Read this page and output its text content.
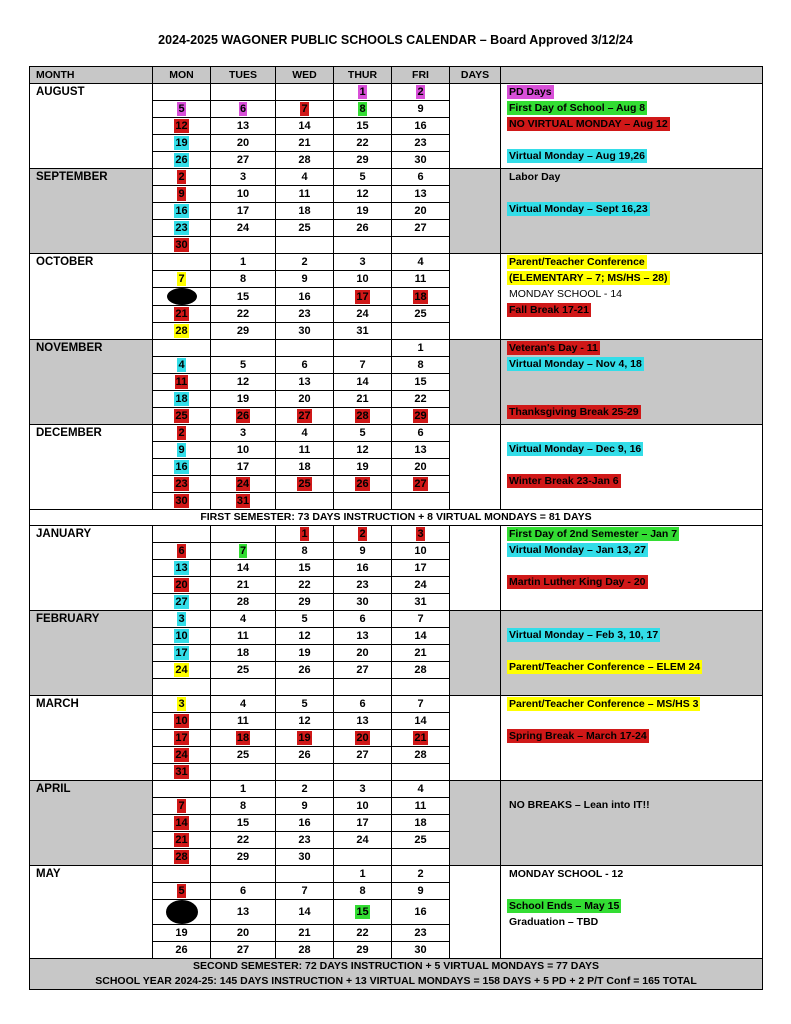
2024-2025 WAGONER PUBLIC SCHOOLS CALENDAR – Board Approved 3/12/24
MONTH	MON	TUES	WED	THUR	FRI	DAYS	
AUGUST				1	2		PD Days
First Day of School – Aug 8
NO VIRTUAL MONDAY – Aug 12
Virtual Monday – Aug 19,26

	5	6	7	8	9		
	12	13	14	15	16		
	19	20	21	22	23		
	26	27	28	29	30		
SEPTEMBER	2	3	4	5	6		Labor Day
Virtual Monday – Sept 16,23

	9	10	11	12	13		
	16	17	18	19	20		
	23	24	25	26	27		
	30						
OCTOBER		1	2	3	4		Parent/Teacher Conference
(ELEMENTARY – 7; MS/HS – 28)
MONDAY SCHOOL - 14
Fall Break 17-21

	7	8	9	10	11		
		15	16	17	18		
	21	22	23	24	25		
	28	29	30	31			
NOVEMBER					1		Veteran's Day - 11
Virtual Monday – Nov 4, 18
Thanksgiving Break 25-29

	4	5	6	7	8		
	11	12	13	14	15		
	18	19	20	21	22		
	25	26	27	28	29		
DECEMBER	2	3	4	5	6		Virtual Monday – Dec 9, 16
Winter Break 23-Jan 6

	9	10	11	12	13		
	16	17	18	19	20		
	23	24	25	26	27		
	30	31					
FIRST SEMESTER: 73 DAYS INSTRUCTION + 8 VIRTUAL MONDAYS = 81 DAYS							
JANUARY			1	2	3		First Day of 2nd Semester – Jan 7
Virtual Monday – Jan 13, 27
Martin Luther King Day - 20

	6	7	8	9	10		
	13	14	15	16	17		
	20	21	22	23	24		
	27	28	29	30	31		
FEBRUARY	3	4	5	6	7		Virtual Monday – Feb 3, 10, 17
Parent/Teacher Conference – ELEM 24

	10	11	12	13	14		
	17	18	19	20	21		
	24	25	26	27	28		

MARCH	3	4	5	6	7		Parent/Teacher Conference – MS/HS 3
Spring Break – March 17-24

	10	11	12	13	14		
	17	18	19	20	21		
	24	25	26	27	28		
	31						
APRIL		1	2	3	4		NO BREAKS – Lean into IT!!

	7	8	9	10	11		
	14	15	16	17	18		
	21	22	23	24	25		
	28	29	30				
MAY				1	2		MONDAY SCHOOL - 12
School Ends – May 15
Graduation – TBD

	5	6	7	8	9		
		13	14	15	16		
	19	20	21	22	23		
	26	27	28	29	30		
SECOND SEMESTER: 72 DAYS INSTRUCTION + 5 VIRTUAL MONDAYS = 77 DAYS							
SCHOOL YEAR 2024-25: 145 DAYS INSTRUCTION + 13 VIRTUAL MONDAYS = 158 DAYS + 5 PD + 2 P/T Conf = 165 TOTAL							
